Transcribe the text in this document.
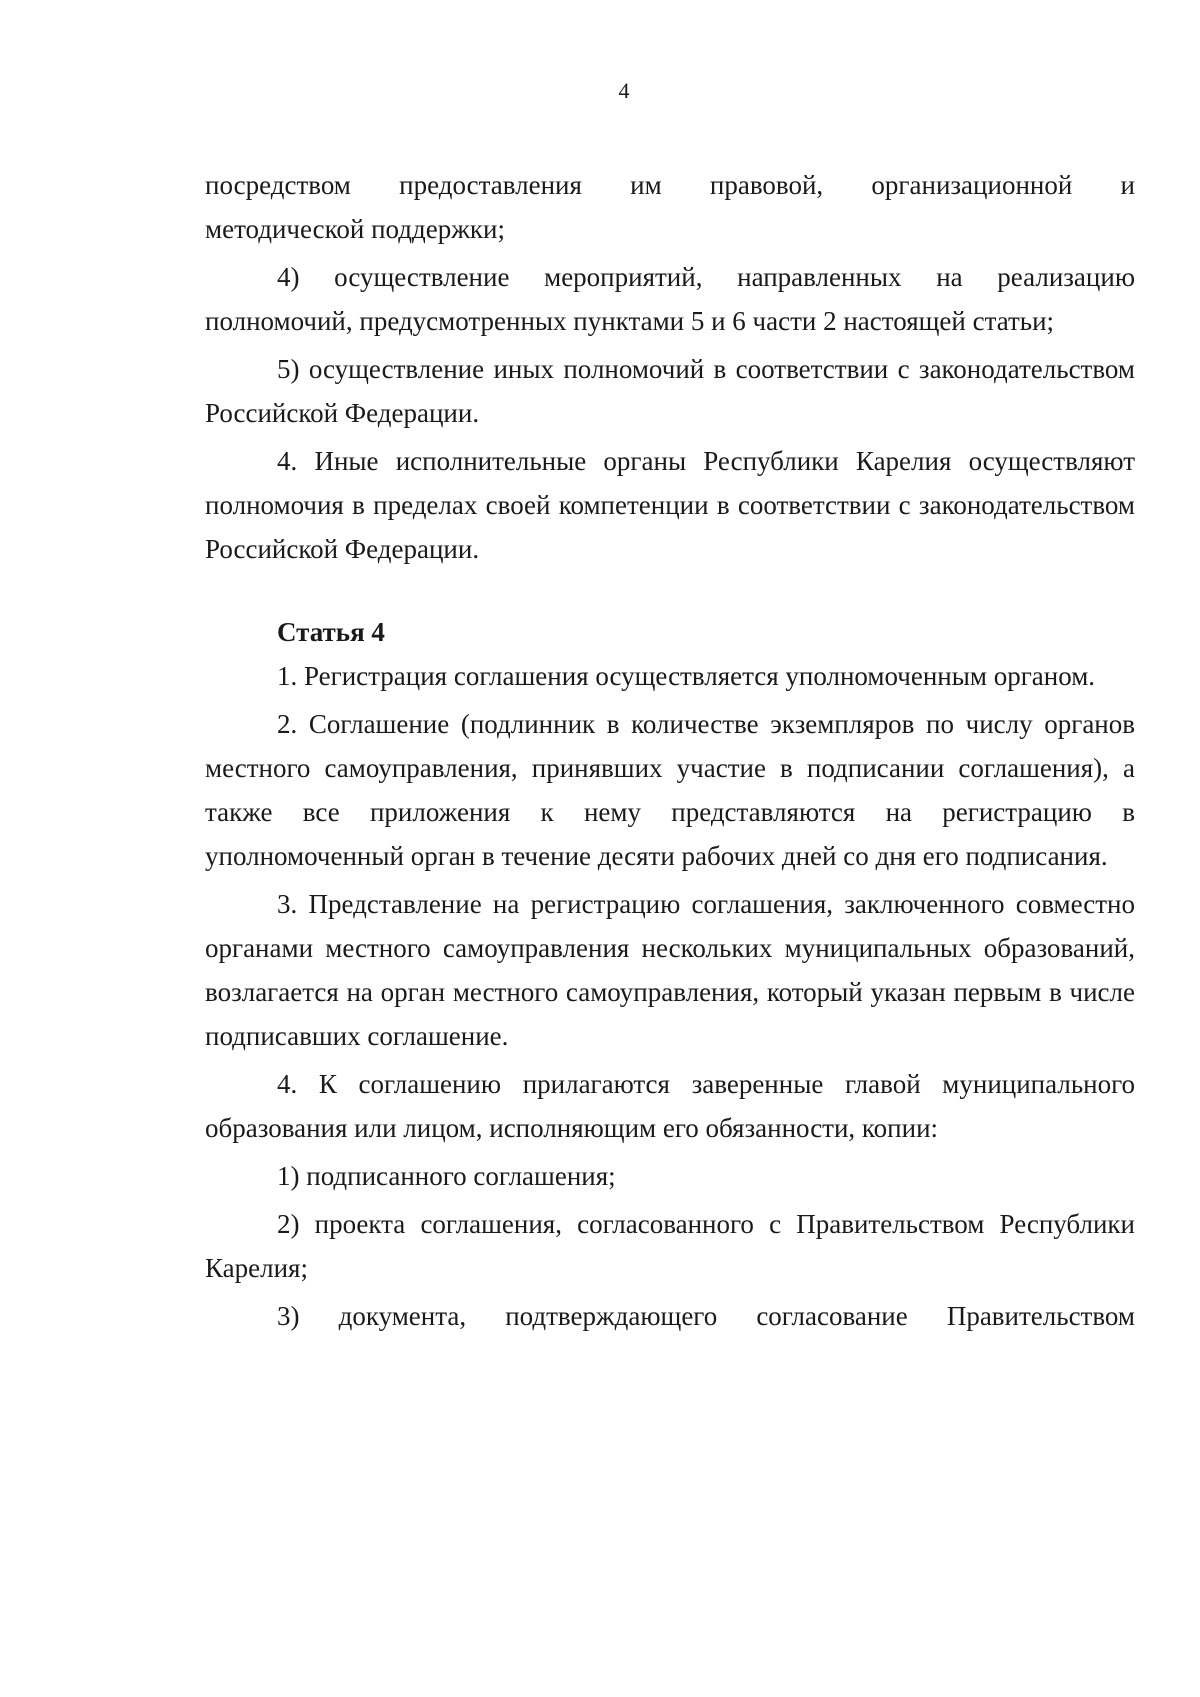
4

посредством предоставления им правовой, организационной и

методической поддержки;

4) осуществление мероприятий, направленных на реализацию полномочий, предусмотренных пунктами 5 и 6 части 2 настоящей статьи;

5) осуществление иных полномочий в соответствии с законодательством Российской Федерации.

4. Иные исполнительные органы Республики Карелия осуществляют полномочия в пределах своей компетенции в соответствии с законодательством Российской Федерации.

Статья 4

1. Регистрация соглашения осуществляется уполномоченным органом.

2. Соглашение (подлинник в количестве экземпляров по числу органов местного самоуправления, принявших участие в подписании соглашения), а также все приложения к нему представляются на регистрацию в уполномоченный орган в течение десяти рабочих дней со дня его подписания.

3. Представление на регистрацию соглашения, заключенного совместно органами местного самоуправления нескольких муниципальных образований, возлагается на орган местного самоуправления, который указан первым в числе подписавших соглашение.

4. К соглашению прилагаются заверенные главой муниципального образования или лицом, исполняющим его обязанности, копии:

1) подписанного соглашения;

2) проекта соглашения, согласованного с Правительством Республики Карелия;

3) документа, подтверждающего согласование Правительством
